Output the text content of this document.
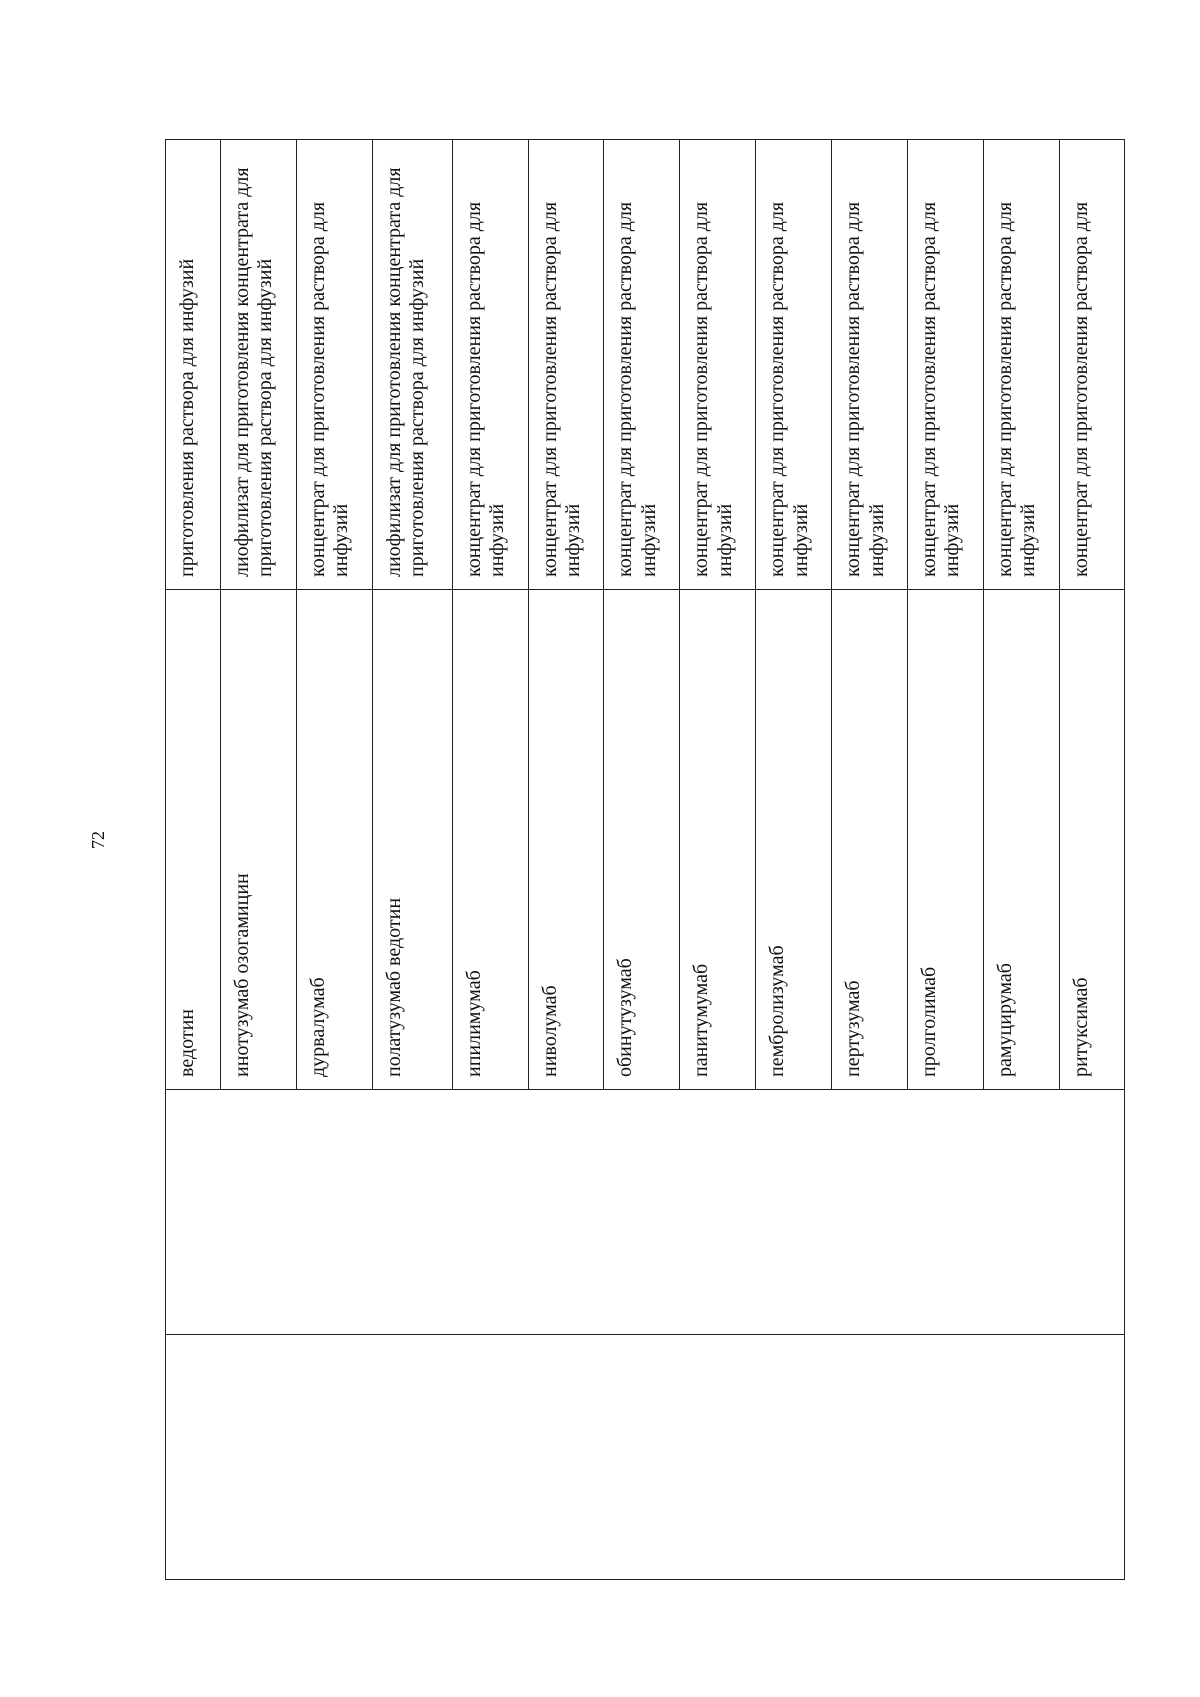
72

		ведотин	приготовления раствора для инфузий

		инотузумаб озогамицин	лиофилизат для приготовления концентрата для приготовления раствора для инфузий

		дурвалумаб	концентрат для приготовления раствора для инфузий

		полатузумаб ведотин	лиофилизат для приготовления концентрата для приготовления раствора для инфузий

		ипилимумаб	концентрат для приготовления раствора для инфузий

		ниволумаб	концентрат для приготовления раствора для инфузий

		обинутузумаб	концентрат для приготовления раствора для инфузий

		панитумумаб	концентрат для приготовления раствора для инфузий

		пембролизумаб	концентрат для приготовления раствора для инфузий

		пертузумаб	концентрат для приготовления раствора для инфузий

		пролголимаб	концентрат для приготовления раствора для инфузий

		рамуцирумаб	концентрат для приготовления раствора для инфузий

		ритуксимаб	концентрат для приготовления раствора для
